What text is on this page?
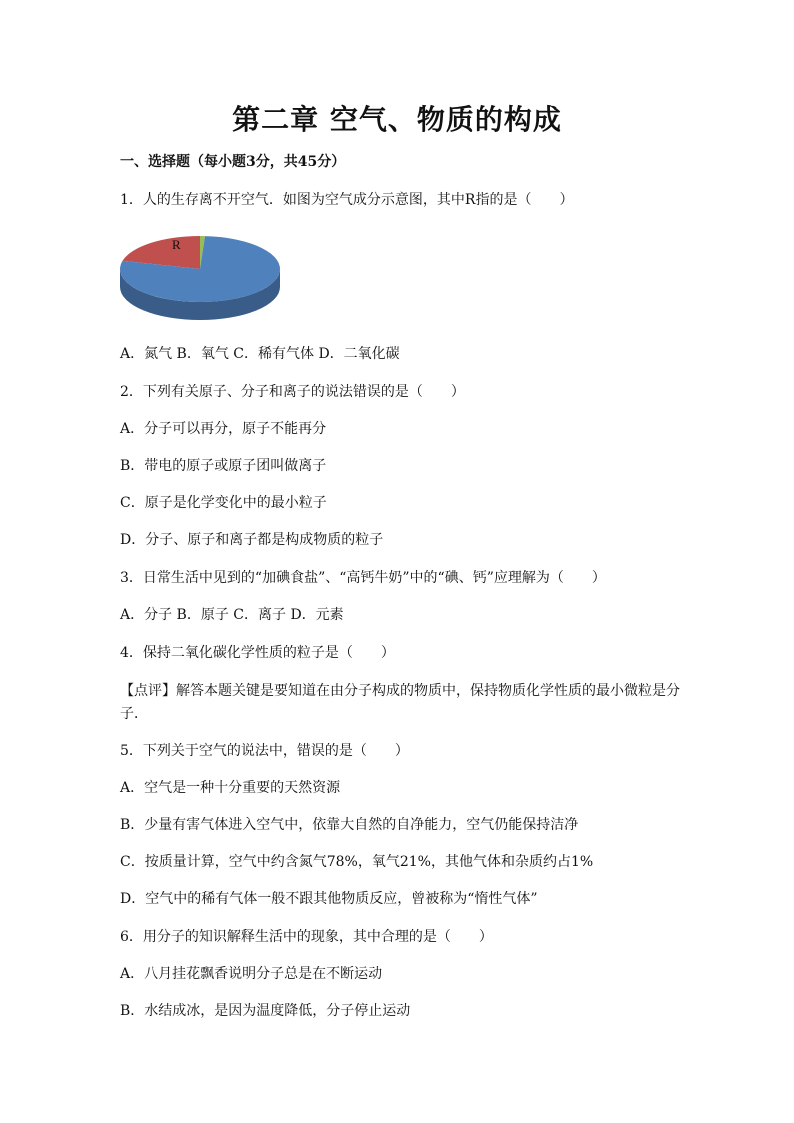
第二章 空气、物质的构成
一、选择题（每小题3分，共45分）
1．人的生存离不开空气．如图为空气成分示意图，其中R指的是（　　）
R
A．氮气 B．氧气 C．稀有气体 D．二氧化碳
2．下列有关原子、分子和离子的说法错误的是（　　）
A．分子可以再分，原子不能再分
B．带电的原子或原子团叫做离子
C．原子是化学变化中的最小粒子
D．分子、原子和离子都是构成物质的粒子
3．日常生活中见到的“加碘食盐”、“高钙牛奶”中的“碘、钙”应理解为（　　）
A．分子 B．原子 C．离子 D．元素
4．保持二氧化碳化学性质的粒子是（　　）
【点评】解答本题关键是要知道在由分子构成的物质中，保持物质化学性质的最小微粒是分子．
5．下列关于空气的说法中，错误的是（　　）
A．空气是一种十分重要的天然资源
B．少量有害气体进入空气中，依靠大自然的自净能力，空气仍能保持洁净
C．按质量计算，空气中约含氮气78%，氧气21%，其他气体和杂质约占1%
D．空气中的稀有气体一般不跟其他物质反应，曾被称为“惰性气体”
6．用分子的知识解释生活中的现象，其中合理的是（　　）
A．八月挂花飘香说明分子总是在不断运动
B．水结成冰，是因为温度降低，分子停止运动
